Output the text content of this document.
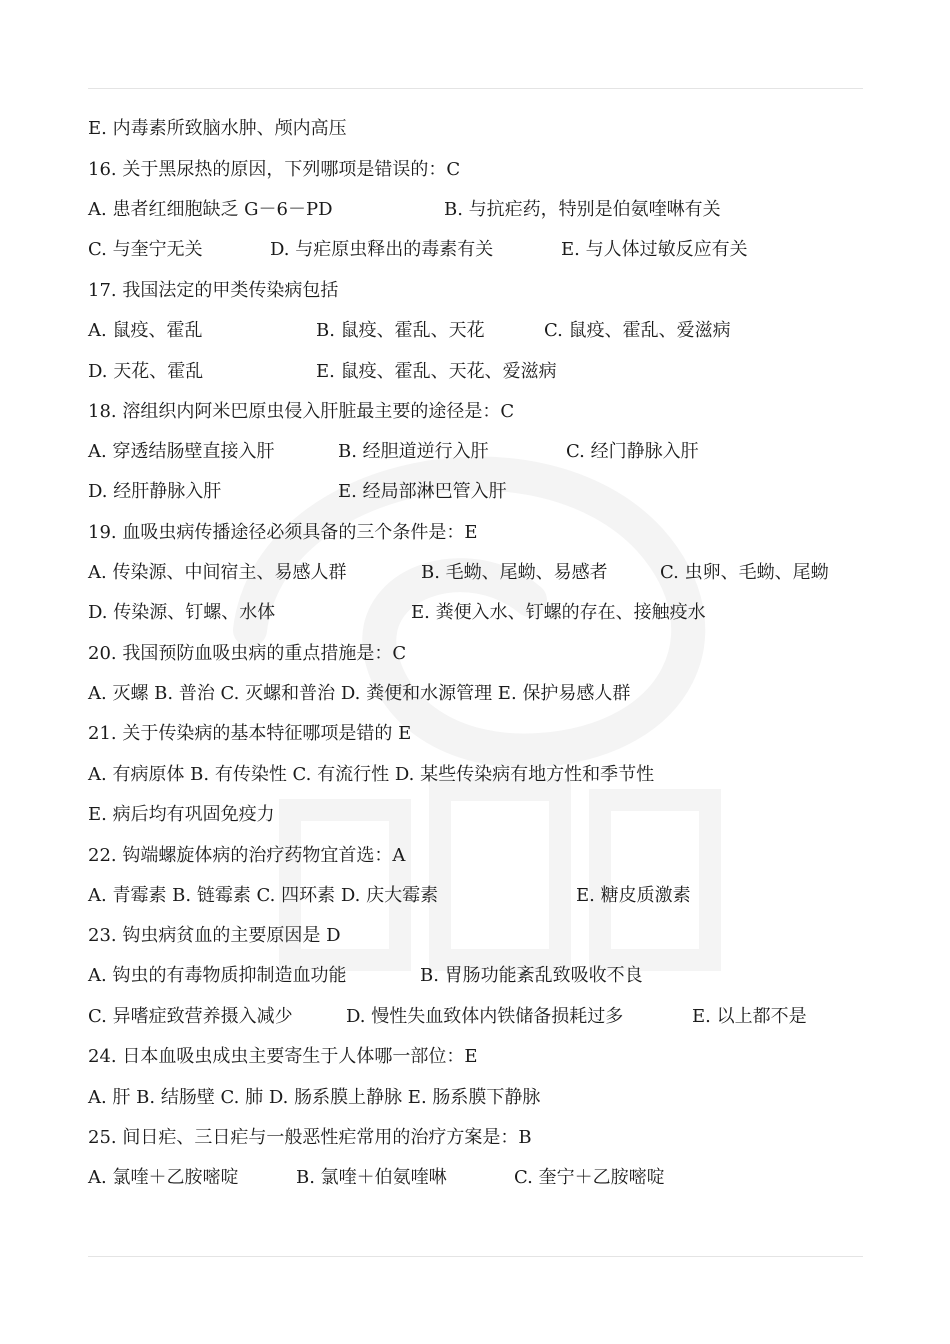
E. 内毒素所致脑水肿、颅内高压
16. 关于黑尿热的原因，下列哪项是错误的：C
A. 患者红细胞缺乏 G－6－PD	B. 与抗疟药，特别是伯氨喹啉有关
C. 与奎宁无关	D. 与疟原虫释出的毒素有关	E. 与人体过敏反应有关
17. 我国法定的甲类传染病包括
A. 鼠疫、霍乱	B. 鼠疫、霍乱、天花	C. 鼠疫、霍乱、爱滋病
D. 天花、霍乱	E. 鼠疫、霍乱、天花、爱滋病
18. 溶组织内阿米巴原虫侵入肝脏最主要的途径是：C
A. 穿透结肠壁直接入肝	B. 经胆道逆行入肝	C. 经门静脉入肝
D. 经肝静脉入肝	E. 经局部淋巴管入肝
19. 血吸虫病传播途径必须具备的三个条件是：E
A. 传染源、中间宿主、易感人群	B. 毛蚴、尾蚴、易感者	C. 虫卵、毛蚴、尾蚴
D. 传染源、钉螺、水体	E. 粪便入水、钉螺的存在、接触疫水
20. 我国预防血吸虫病的重点措施是：C
A. 灭螺 B. 普治 C. 灭螺和普治 D. 粪便和水源管理 E. 保护易感人群
21. 关于传染病的基本特征哪项是错的 E
A. 有病原体 B. 有传染性 C. 有流行性 D. 某些传染病有地方性和季节性
E. 病后均有巩固免疫力
22. 钩端螺旋体病的治疗药物宜首选：A
A. 青霉素 B. 链霉素 C. 四环素 D. 庆大霉素	E. 糖皮质激素
23. 钩虫病贫血的主要原因是 D
A. 钩虫的有毒物质抑制造血功能	B. 胃肠功能紊乱致吸收不良
C. 异嗜症致营养摄入减少	D. 慢性失血致体内铁储备损耗过多	E. 以上都不是
24. 日本血吸虫成虫主要寄生于人体哪一部位：E
A. 肝 B. 结肠壁 C. 肺 D. 肠系膜上静脉 E. 肠系膜下静脉
25. 间日疟、三日疟与一般恶性疟常用的治疗方案是：B
A. 氯喹＋乙胺嘧啶	B. 氯喹＋伯氨喹啉	C. 奎宁＋乙胺嘧啶
